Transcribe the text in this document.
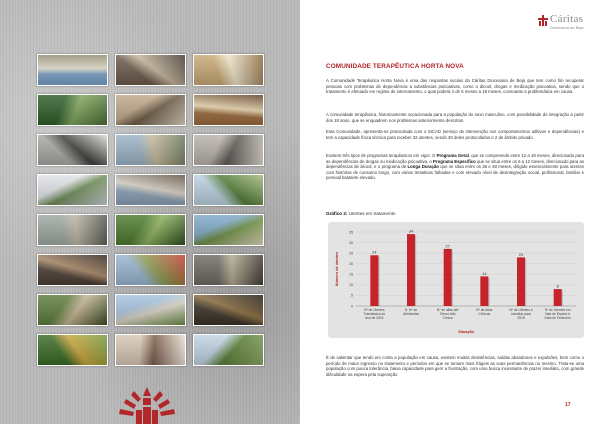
Cáritas
Diocesana de Beja
COMUNIDADE TERAPÊUTICA HORTA NOVA

A Comunidade Terapêutica Horta Nova é uma das respostas sociais da Cáritas Diocesana de Beja que tem como fim recuperar pessoas com problemas de dependência a substâncias psicoativas, como o álcool, drogas e medicação psicoativa, sendo que o tratamento é efetuado em regime de internamento, o qual poderá ir de 6 meses a 18 meses, consoante a problemática em causa.

A comunidade terapêutica, historicamente vocacionada para a população do sexo masculino, com possibilidade de integração a partir dos 18 anos, que se enquadrem nos problemas anteriormente descritos.

Esta Comunidade, apresenta-se protocolada com o SICAD (serviço de intervenção nos comportamentos aditivos e dependências) e tem a capacidade física técnica para receber 32 utentes, sendo 30 deles protocolados e 2 de âmbito privado.

Existem três tipos de programas terapêuticos em vigor, O Programa Geral, que se compreende entre 12 a 18 meses, direcionado para as dependências de drogas ou medicação psicoativa, o Programa Específico que se situa entre os 6 a 12 meses, direcionado para as dependências de álcool, e o programa de Longa Duração que se situa entre os 36 e 48 meses, dirigido essencialmente para utentes com histórias de consumo longo, com várias tentativas falhadas e com elevado nível de desintegração social, profissional, familiar e pessoal bastante elevado.

Gráfico 2: Utentes em tratamento
0
5
10
15
20
25
30
35
Número de utentes	24
Nº de Utentes Transitados do ano de 2016
34
N. Nº de Admissões
27
Nº de altas até Termo Alta Clínica
14
Nº de Altas Clínicas
23
Nº de Utentes a transitar para 2018
8
Nº de Utentes em lista de Espera à Data de Fevereiro
Situação

É de salientar que tendo em conta a população em causa, existem muitas desistências, saídas abandonos e expulsões, bem como o período de maior ingresso no tratamento e períodos em que se tornam mais frágeis as suas permanências no mesmo. Trata-se uma população com pouca tolerância, baixa capacidade para gerir a frustração, com uma busca incessante de prazer imediato, com grande dificuldade na espera pela superação

17
